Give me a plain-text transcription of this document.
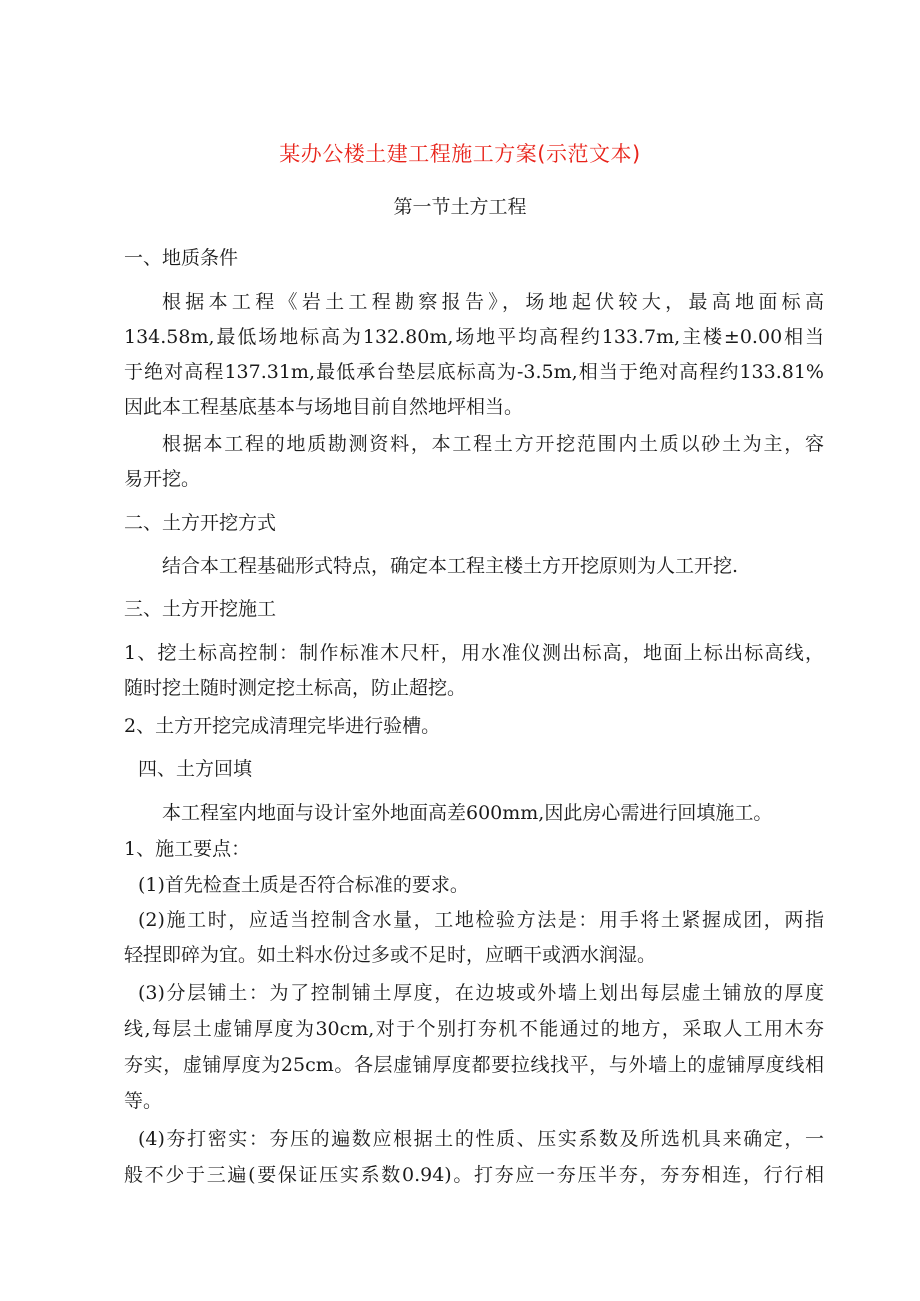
某办公楼土建工程施工方案(示范文本)
第一节土方工程
一、地质条件
根据本工程《岩土工程勘察报告》，场地起伏较大，最高地面标高
134.58m,最低场地标高为132.80m,场地平均高程约133.7m,主楼±0.00相当
于绝对高程137.31m,最低承台垫层底标高为-3.5m,相当于绝对高程约133.81%
因此本工程基底基本与场地目前自然地坪相当。
根据本工程的地质勘测资料，本工程土方开挖范围内土质以砂土为主，容
易开挖。
二、土方开挖方式
结合本工程基础形式特点，确定本工程主楼土方开挖原则为人工开挖.
三、土方开挖施工
1、挖土标高控制：制作标准木尺杆，用水准仪测出标高，地面上标出标高线，
随时挖土随时测定挖土标高，防止超挖。
2、土方开挖完成清理完毕进行验槽。
四、土方回填
本工程室内地面与设计室外地面高差600mm,因此房心需进行回填施工。
1、施工要点：
(1)首先检查土质是否符合标准的要求。
(2)施工时，应适当控制含水量，工地检验方法是：用手将土紧握成团，两指
轻捏即碎为宜。如土料水份过多或不足时，应晒干或洒水润湿。
(3)分层铺土：为了控制铺土厚度，在边坡或外墙上划出每层虚土铺放的厚度
线,每层土虚铺厚度为30cm,对于个别打夯机不能通过的地方，采取人工用木夯
夯实，虚铺厚度为25cm。各层虚铺厚度都要拉线找平，与外墙上的虚铺厚度线相
等。
(4)夯打密实：夯压的遍数应根据土的性质、压实系数及所选机具来确定，一
般不少于三遍(要保证压实系数0.94)。打夯应一夯压半夯，夯夯相连，行行相
